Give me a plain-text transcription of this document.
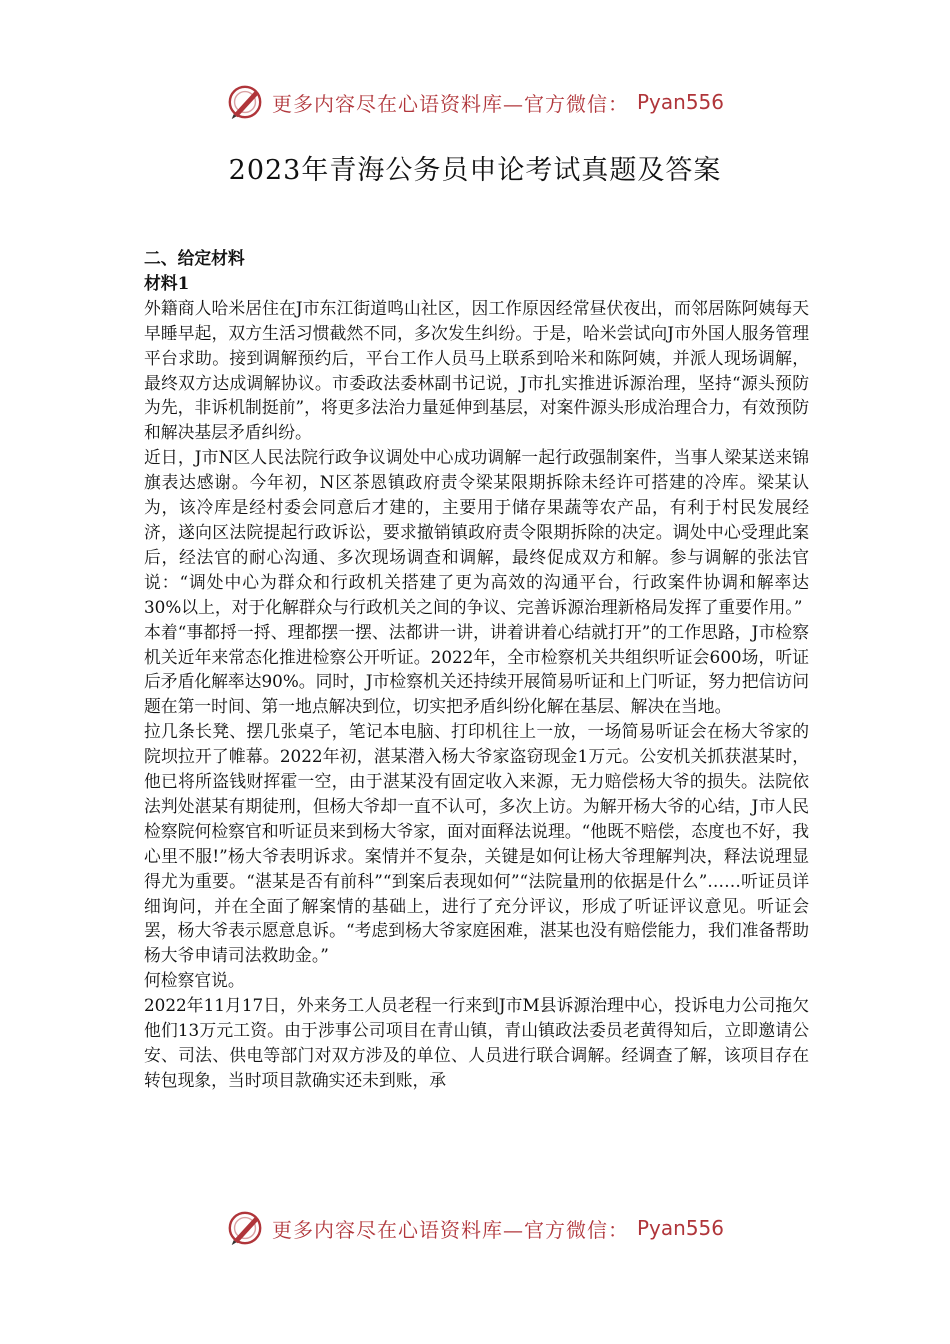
更多内容尽在心语资料库—官方微信： Pyan556
2023年青海公务员申论考试真题及答案

二、给定材料

材料1

外籍商人哈米居住在J市东江街道鸣山社区，因工作原因经常昼伏夜出，而邻居陈阿姨每天早睡早起，双方生活习惯截然不同，多次发生纠纷。于是，哈米尝试向J市外国人服务管理平台求助。接到调解预约后，平台工作人员马上联系到哈米和陈阿姨，并派人现场调解，最终双方达成调解协议。市委政法委林副书记说，J市扎实推进诉源治理，坚持“源头预防为先，非诉机制挺前”，将更多法治力量延伸到基层，对案件源头形成治理合力，有效预防和解决基层矛盾纠纷。

近日，J市N区人民法院行政争议调处中心成功调解一起行政强制案件，当事人梁某送来锦旗表达感谢。今年初，N区茶恩镇政府责令梁某限期拆除未经许可搭建的冷库。梁某认为，该冷库是经村委会同意后才建的，主要用于储存果蔬等农产品，有利于村民发展经济，遂向区法院提起行政诉讼，要求撤销镇政府责令限期拆除的决定。调处中心受理此案后，经法官的耐心沟通、多次现场调查和调解，最终促成双方和解。参与调解的张法官说：“调处中心为群众和行政机关搭建了更为高效的沟通平台，行政案件协调和解率达30%以上，对于化解群众与行政机关之间的争议、完善诉源治理新格局发挥了重要作用。”

本着“事都捋一捋、理都摆一摆、法都讲一讲，讲着讲着心结就打开”的工作思路，J市检察机关近年来常态化推进检察公开听证。2022年，全市检察机关共组织听证会600场，听证后矛盾化解率达90%。同时，J市检察机关还持续开展简易听证和上门听证，努力把信访问题在第一时间、第一地点解决到位，切实把矛盾纠纷化解在基层、解决在当地。

拉几条长凳、摆几张桌子，笔记本电脑、打印机往上一放，一场简易听证会在杨大爷家的院坝拉开了帷幕。2022年初，湛某潜入杨大爷家盗窃现金1万元。公安机关抓获湛某时，他已将所盗钱财挥霍一空，由于湛某没有固定收入来源，无力赔偿杨大爷的损失。法院依法判处湛某有期徒刑，但杨大爷却一直不认可，多次上访。为解开杨大爷的心结，J市人民检察院何检察官和听证员来到杨大爷家，面对面释法说理。“他既不赔偿，态度也不好，我心里不服!”杨大爷表明诉求。案情并不复杂，关键是如何让杨大爷理解判决，释法说理显得尤为重要。“湛某是否有前科”“到案后表现如何”“法院量刑的依据是什么”……听证员详细询问，并在全面了解案情的基础上，进行了充分评议，形成了听证评议意见。听证会罢，杨大爷表示愿意息诉。“考虑到杨大爷家庭困难，湛某也没有赔偿能力，我们准备帮助杨大爷申请司法救助金。”

何检察官说。

2022年11月17日，外来务工人员老程一行来到J市M县诉源治理中心，投诉电力公司拖欠他们13万元工资。由于涉事公司项目在青山镇，青山镇政法委员老黄得知后，立即邀请公安、司法、供电等部门对双方涉及的单位、人员进行联合调解。经调查了解，该项目存在转包现象，当时项目款确实还未到账，承

更多内容尽在心语资料库—官方微信： Pyan556
